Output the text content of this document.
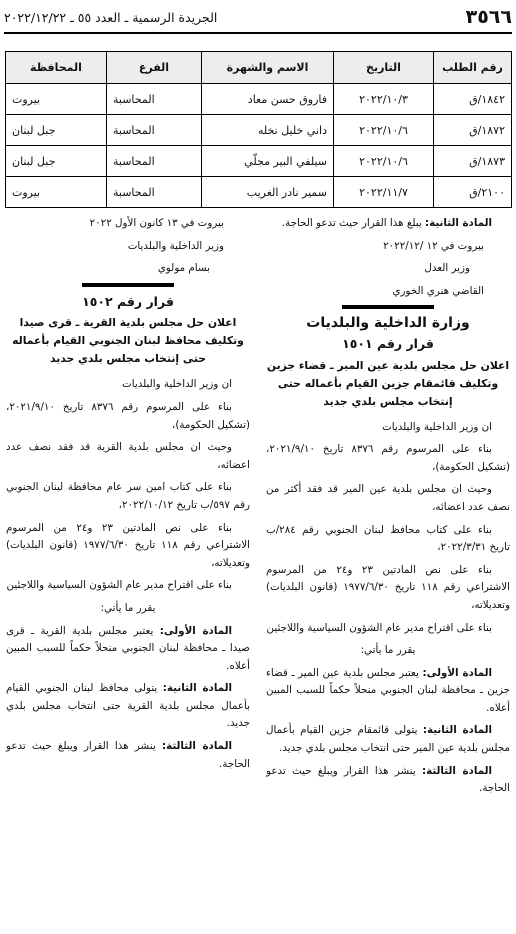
٣٥٦٦
الجريدة الرسمية ـ العدد ٥٥ ـ ٢٠٢٢/١٢/٢٢
رقم الطلب	التاريخ	الاسم والشهرة	الفرع	المحافظة
١٨٤٢/ق	٢٠٢٢/١٠/٣	فاروق حسن معاد	المحاسبة	بيروت
١٨٧٢/ق	٢٠٢٢/١٠/٦	داني خليل نخله	المحاسبة	جبل لبنان
١٨٧٣/ق	٢٠٢٢/١٠/٦	سيلفي البير مجلّي	المحاسبة	جبل لبنان
٢١٠٠/ق	٢٠٢٢/١١/٧	سمير نادر الغريب	المحاسبة	بيروت

المادة الثانية: يبلغ هذا القرار حيث تدعو الحاجة.

بيروت في ١٢ /٢٠٢٢/١٢

وزير العدل

القاضي هنري الخوري

وزارة الداخلية والبلديات
قرار رقم ١٥٠١
اعلان حل مجلس بلدية عين المير ـ قضاء جزين وتكليف قائمقام جزين القيام بأعماله حتى إنتخاب مجلس بلدي جديد

ان وزير الداخلية والبلديات

بناء على المرسوم رقم ٨٣٧٦ تاريخ ٢٠٢١/٩/١٠، (تشكيل الحكومة)،

وحيث ان مجلس بلدية عين المير قد فقد أكثر من نصف عدد اعضائه،

بناء على كتاب محافظ لبنان الجنوبي رقم ٢٨٤/ب تاريخ ٢٠٢٢/٣/٣١،

بناء على نص المادتين ٢٣ و٢٤ من المرسوم الاشتراعي رقم ١١٨ تاريخ ١٩٧٧/٦/٣٠ (قانون البلديات) وتعديلاته،

بناء على اقتراح مدير عام الشؤون السياسية واللاجئين

يقرر ما يأتي:

المادة الأولى: يعتبر مجلس بلدية عين المير ـ قضاء جزين ـ محافظة لبنان الجنوبي منحلاً حكماً للسبب المبين أعلاه.

المادة الثانية: يتولى قائمقام جزين القيام بأعمال مجلس بلدية عين المير حتى انتخاب مجلس بلدي جديد.

المادة الثالثة: ينشر هذا القرار ويبلغ حيث تدعو الحاجة.

بيروت في ١٣ كانون الأول ٢٠٢٢

وزير الداخلية والبلديات

بسام مولوي

قرار رقم ١٥٠٢
اعلان حل مجلس بلدية القرية ـ قرى صيدا وتكليف محافظ لبنان الجنوبي القيام بأعماله حتى إنتخاب مجلس بلدي جديد

ان وزير الداخلية والبلديات

بناء على المرسوم رقم ٨٣٧٦ تاريخ ٢٠٢١/٩/١٠، (تشكيل الحكومة)،

وحيث ان مجلس بلدية القرية قد فقد نصف عدد اعضائه،

بناء على كتاب امين سر عام محافظة لبنان الجنوبي رقم ٥٩٧/ب تاريخ ٢٠٢٢/١٠/١٢،

بناء على نص المادتين ٢٣ و٢٤ من المرسوم الاشتراعي رقم ١١٨ تاريخ ١٩٧٧/٦/٣٠ (قانون البلديات) وتعديلاته،

بناء على اقتراح مدير عام الشؤون السياسية واللاجئين

يقرر ما يأتي:

المادة الأولى: يعتبر مجلس بلدية القرية ـ قرى صيدا ـ محافظة لبنان الجنوبي منحلاً حكماً للسبب المبين أعلاه.

المادة الثانية: يتولى محافظ لبنان الجنوبي القيام بأعمال مجلس بلدية القرية حتى انتخاب مجلس بلدي جديد.

المادة الثالثة: ينشر هذا القرار ويبلغ حيث تدعو الحاجة.
